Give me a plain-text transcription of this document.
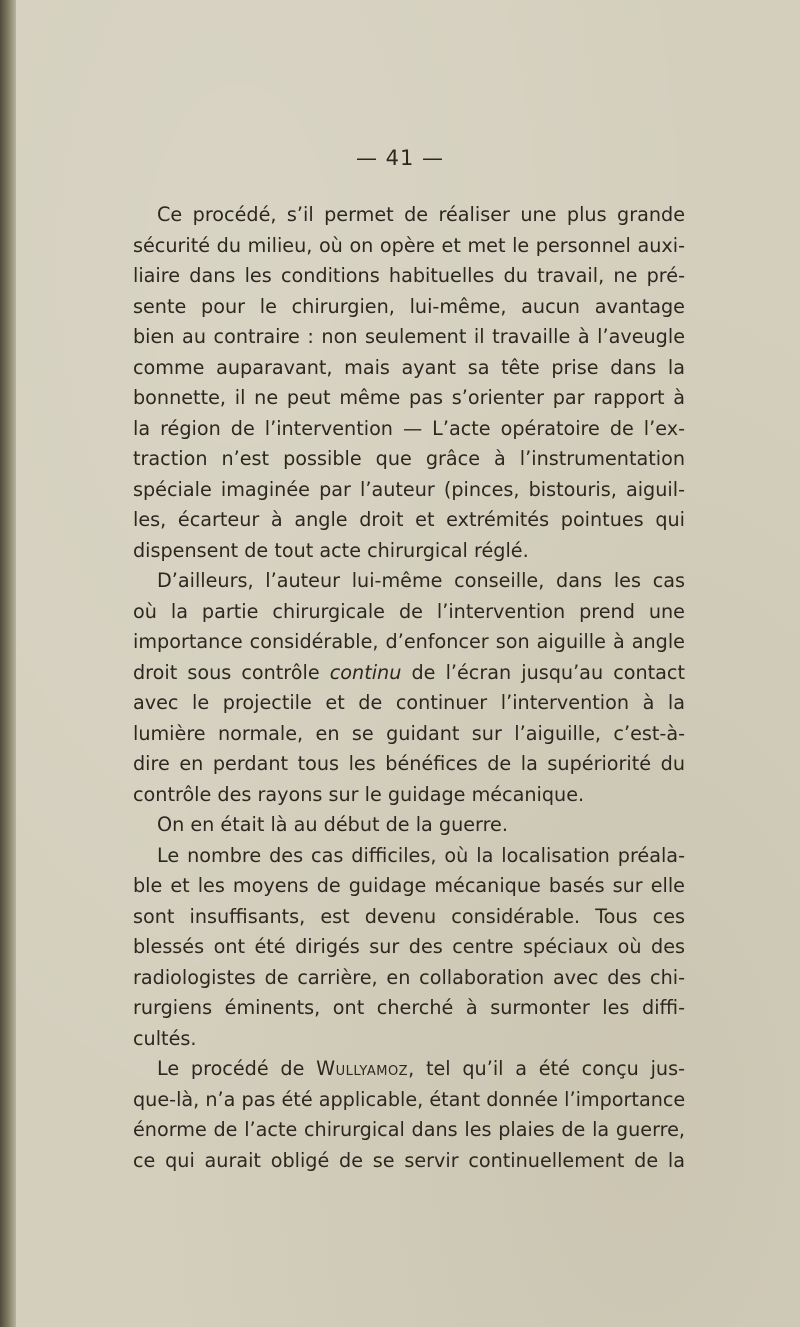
— 41 —
Ce procédé, s’il permet de réaliser une plus grande
sécurité du milieu, où on opère et met le personnel auxi-
liaire dans les conditions habituelles du travail, ne pré-
sente pour le chirurgien, lui-même, aucun avantage
bien au contraire : non seulement il travaille à l’aveugle
comme auparavant, mais ayant sa tête prise dans la
bonnette, il ne peut même pas s’orienter par rapport à
la région de l’intervention — L’acte opératoire de l’ex-
traction n’est possible que grâce à l’instrumentation
spéciale imaginée par l’auteur (pinces, bistouris, aiguil-
les, écarteur à angle droit et extrémités pointues qui
dispensent de tout acte chirurgical réglé.
D’ailleurs, l’auteur lui-même conseille, dans les cas
où la partie chirurgicale de l’intervention prend une
importance considérable, d’enfoncer son aiguille à angle
droit sous contrôle continu de l’écran jusqu’au contact
avec le projectile et de continuer l’intervention à la
lumière normale, en se guidant sur l’aiguille, c’est-à-
dire en perdant tous les bénéfices de la supériorité du
contrôle des rayons sur le guidage mécanique.
On en était là au début de la guerre.
Le nombre des cas difficiles, où la localisation préala-
ble et les moyens de guidage mécanique basés sur elle
sont insuffisants, est devenu considérable. Tous ces
blessés ont été dirigés sur des centre spéciaux où des
radiologistes de carrière, en collaboration avec des chi-
rurgiens éminents, ont cherché à surmonter les diffi-
cultés.
Le procédé de Wullyamoz, tel qu’il a été conçu jus-
que-là, n’a pas été applicable, étant donnée l’importance
énorme de l’acte chirurgical dans les plaies de la guerre,
ce qui aurait obligé de se servir continuellement de la
